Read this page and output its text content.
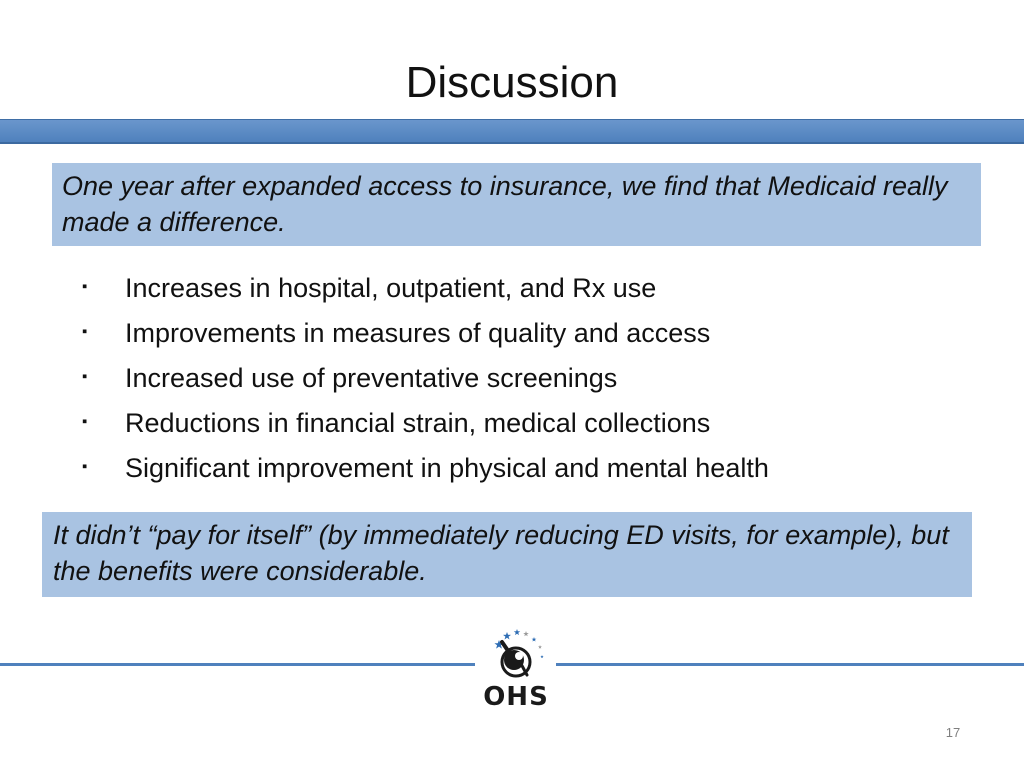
Discussion
One year after expanded access to insurance, we find that Medicaid really made a difference.
▪ Increases in hospital, outpatient, and Rx use
▪ Improvements in measures of quality and access
▪ Increased use of preventative screenings
▪ Reductions in financial strain, medical collections
▪ Significant improvement in physical and mental health
It didn’t “pay for itself” (by immediately reducing ED visits, for example), but the benefits were considerable.
OHS
17
